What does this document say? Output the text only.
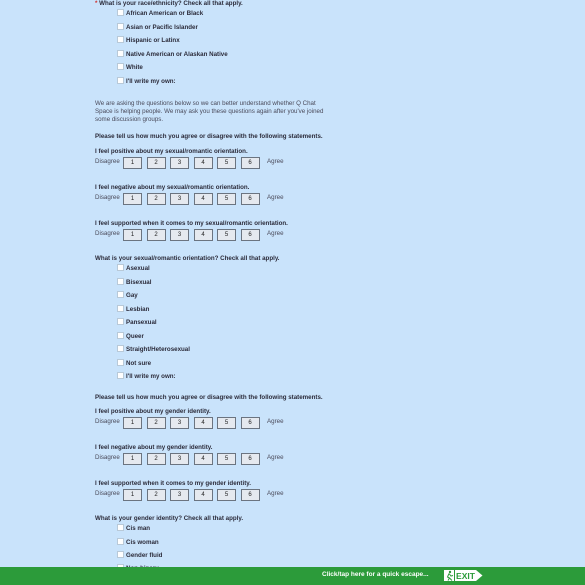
* What is your race/ethnicity? Check all that apply.
African American or Black
Asian or Pacific Islander
Hispanic or Latinx
Native American or Alaskan Native
White
I'll write my own:
We are asking the questions below so we can better understand whether Q Chat Space is helping people. We may ask you these questions again after you've joined some discussion groups.
Please tell us how much you agree or disagree with the following statements.
I feel positive about my sexual/romantic orientation.
Disagree	1	2	3	4	5	6	Agree
I feel negative about my sexual/romantic orientation.
Disagree	1	2	3	4	5	6	Agree
I feel supported when it comes to my sexual/romantic orientation.
Disagree	1	2	3	4	5	6	Agree
What is your sexual/romantic orientation? Check all that apply.
Asexual
Bisexual
Gay
Lesbian
Pansexual
Queer
Straight/Heterosexual
Not sure
I'll write my own:
Please tell us how much you agree or disagree with the following statements.
I feel positive about my gender identity.
Disagree	1	2	3	4	5	6	Agree
I feel negative about my gender identity.
Disagree	1	2	3	4	5	6	Agree
I feel supported when it comes to my gender identity.
Disagree	1	2	3	4	5	6	Agree
What is your gender identity? Check all that apply.
Cis man
Cis woman
Gender fluid
Click/tap here for a quick escape...	EXIT
